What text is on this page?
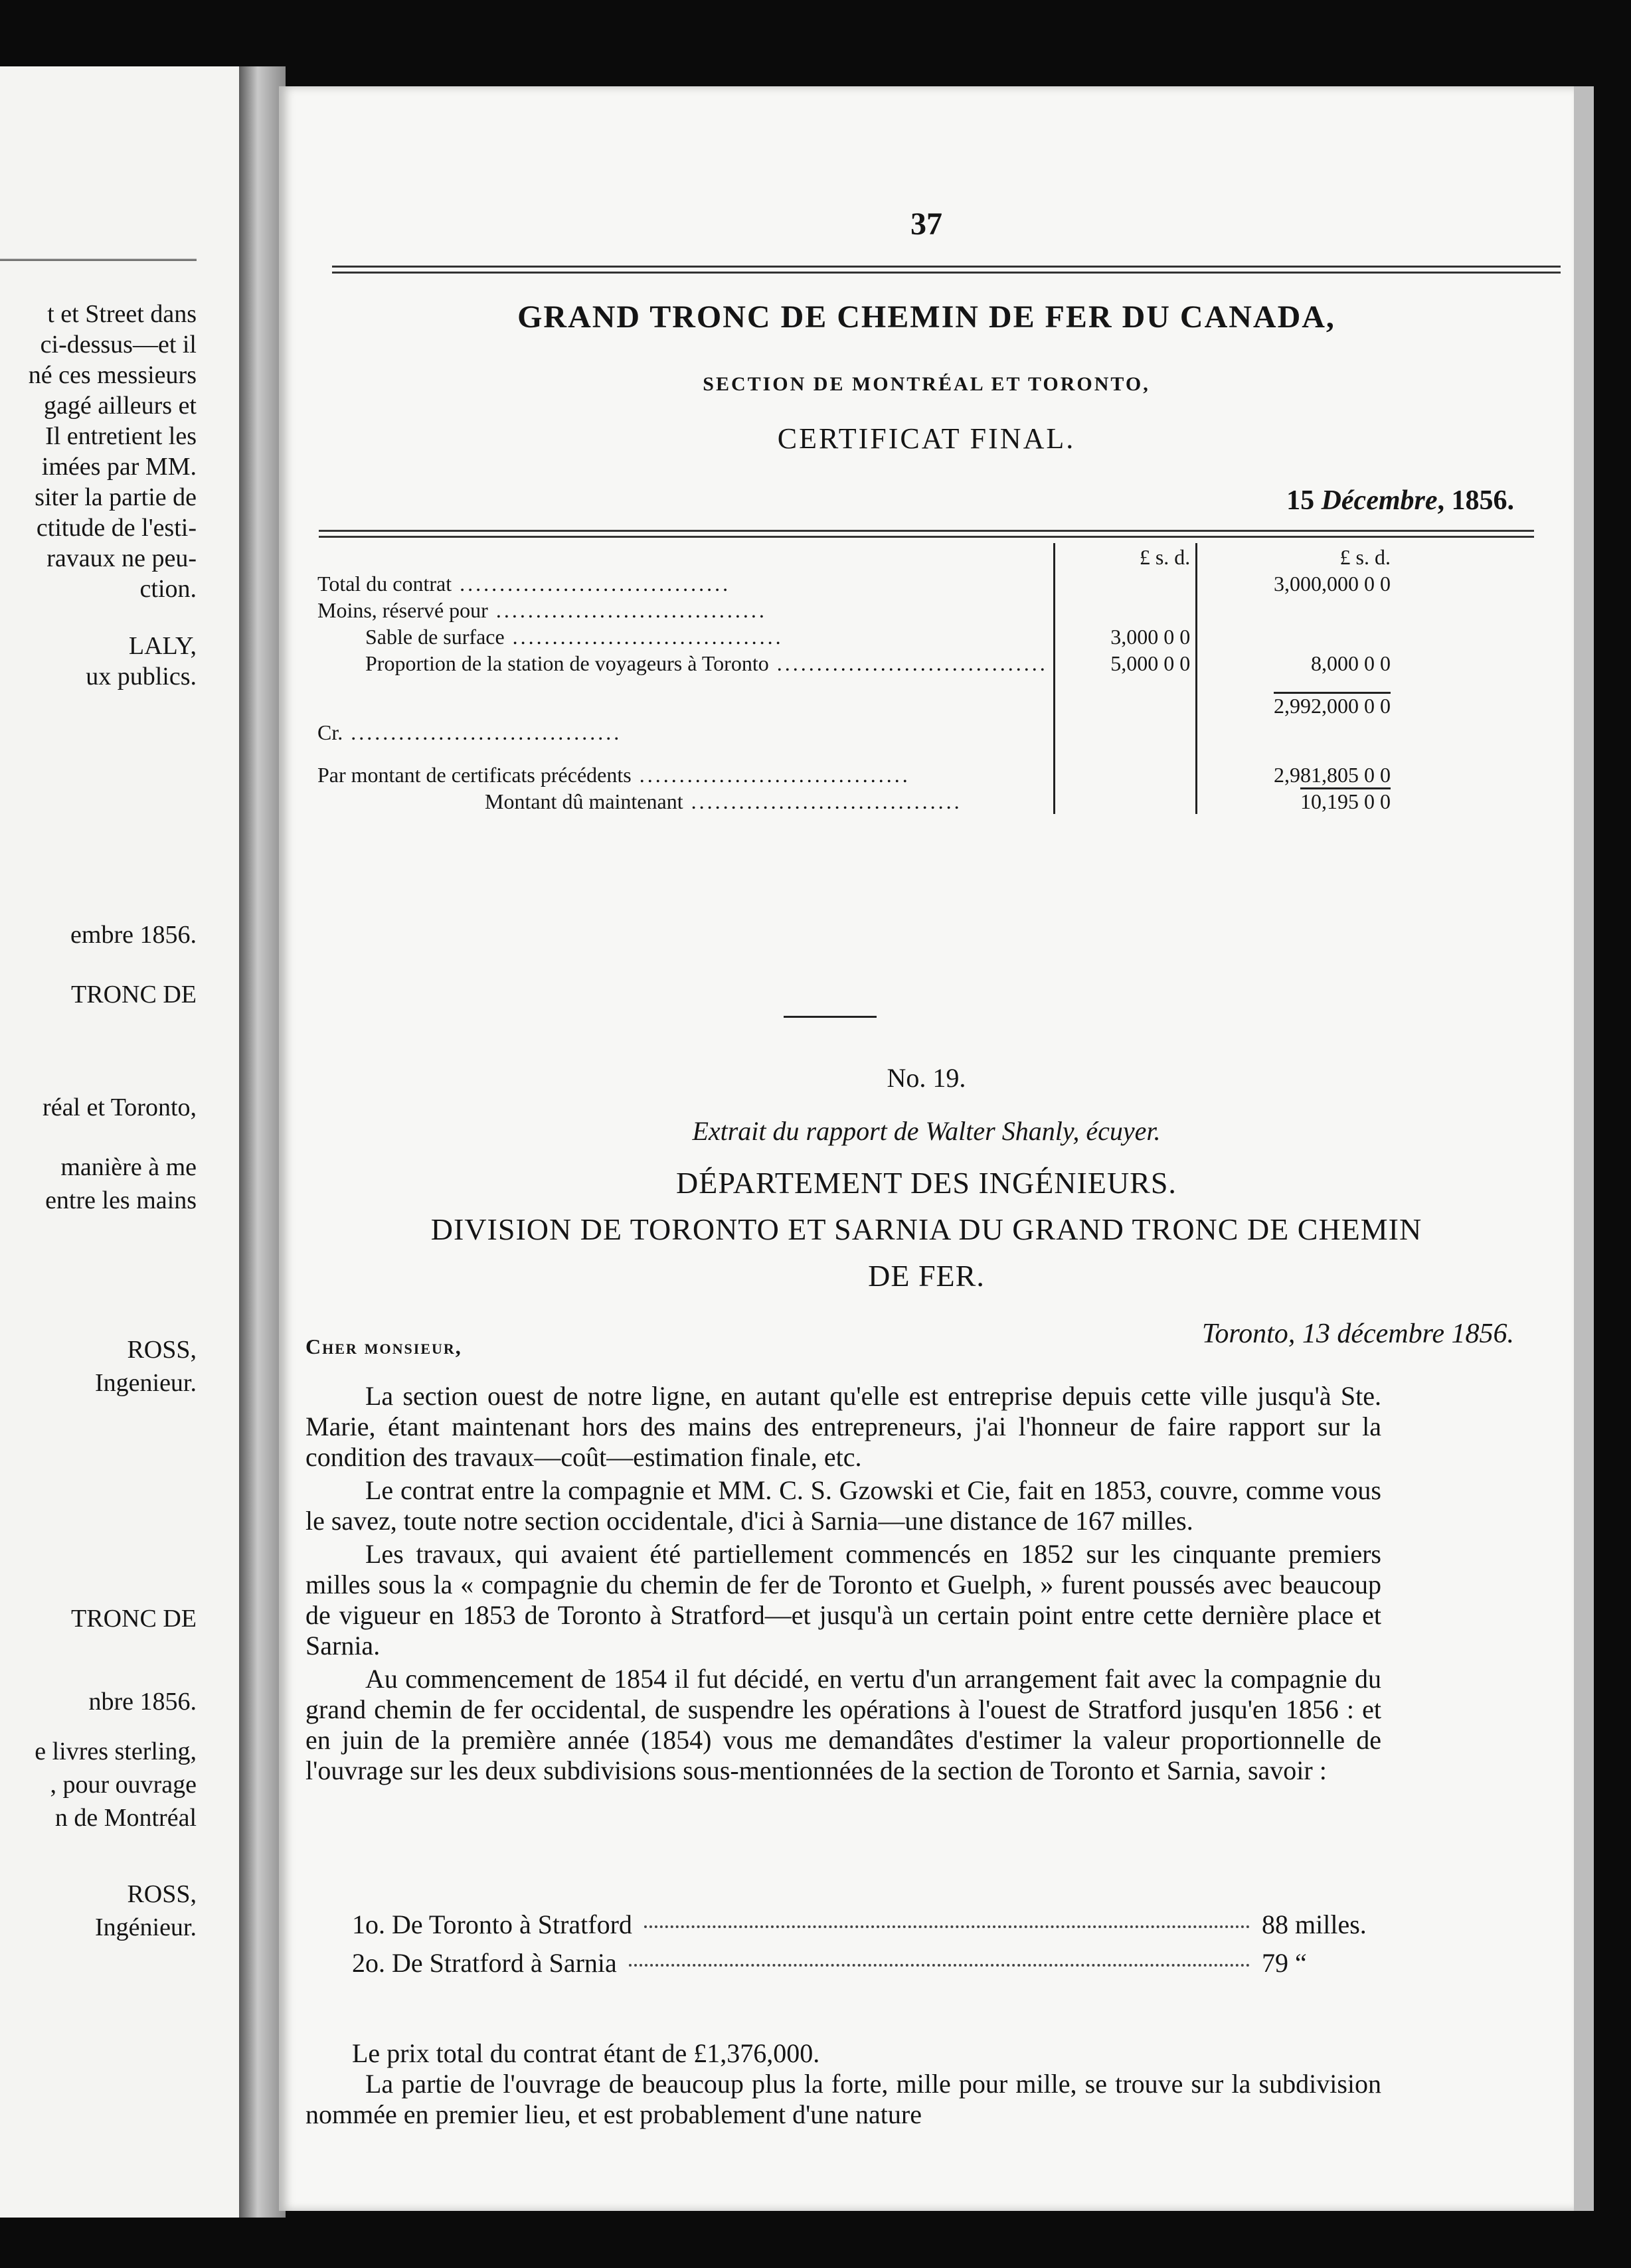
t et Street dans
ci-dessus—et il
né ces messieurs
gagé ailleurs et
Il entretient les
imées par MM.
siter la partie de
ctitude de l'esti-
ravaux ne peu-
ction.
LALY,
ux publics.
embre 1856.
TRONC DE
réal et Toronto,
manière à me
entre les mains
ROSS,
Ingenieur.
TRONC DE
nbre 1856.
e livres sterling,
, pour ouvrage
n de Montréal
ROSS,
Ingénieur.
37
GRAND TRONC DE CHEMIN DE FER DU CANADA,
SECTION DE MONTRÉAL ET TORONTO,
CERTIFICAT FINAL.
15 Décembre, 1856.
	£ s. d.	£ s. d.
Total du contrat ..................................		3,000,000 0 0
Moins, réservé pour ..................................		
Sable de surface ..................................	3,000 0 0	
Proportion de la station de voyageurs à Toronto ..................................	5,000 0 0	8,000 0 0
		2,992,000 0 0
Cr. ..................................		
Par montant de certificats précédents ..................................		2,981,805 0 0
Montant dû maintenant ..................................		10,195 0 0
No. 19.
Extrait du rapport de Walter Shanly, écuyer.
DÉPARTEMENT DES INGÉNIEURS.
DIVISION DE TORONTO ET SARNIA DU GRAND TRONC DE CHEMIN
DE FER.
Toronto, 13 décembre 1856.
Cher monsieur,

La section ouest de notre ligne, en autant qu'elle est entreprise depuis cette ville jusqu'à Ste. Marie, étant maintenant hors des mains des entrepreneurs, j'ai l'honneur de faire rapport sur la condition des travaux—coût—estimation finale, etc.

Le contrat entre la compagnie et MM. C. S. Gzowski et Cie, fait en 1853, couvre, comme vous le savez, toute notre section occidentale, d'ici à Sarnia—une distance de 167 milles.

Les travaux, qui avaient été partiellement commencés en 1852 sur les cinquante premiers milles sous la « compagnie du chemin de fer de Toronto et Guelph, » furent poussés avec beaucoup de vigueur en 1853 de Toronto à Stratford—et jusqu'à un certain point entre cette dernière place et Sarnia.

Au commencement de 1854 il fut décidé, en vertu d'un arrangement fait avec la compagnie du grand chemin de fer occidental, de suspendre les opérations à l'ouest de Stratford jusqu'en 1856 : et en juin de la première année (1854) vous me demandâtes d'estimer la valeur proportionnelle de l'ouvrage sur les deux subdivisions sous-mentionnées de la section de Toronto et Sarnia, savoir :

1o. De Toronto à Stratford	88 milles.
2o. De Stratford à Sarnia	79 “

Le prix total du contrat étant de £1,376,000.

La partie de l'ouvrage de beaucoup plus la forte, mille pour mille, se trouve sur la subdivision nommée en premier lieu, et est probablement d'une nature
